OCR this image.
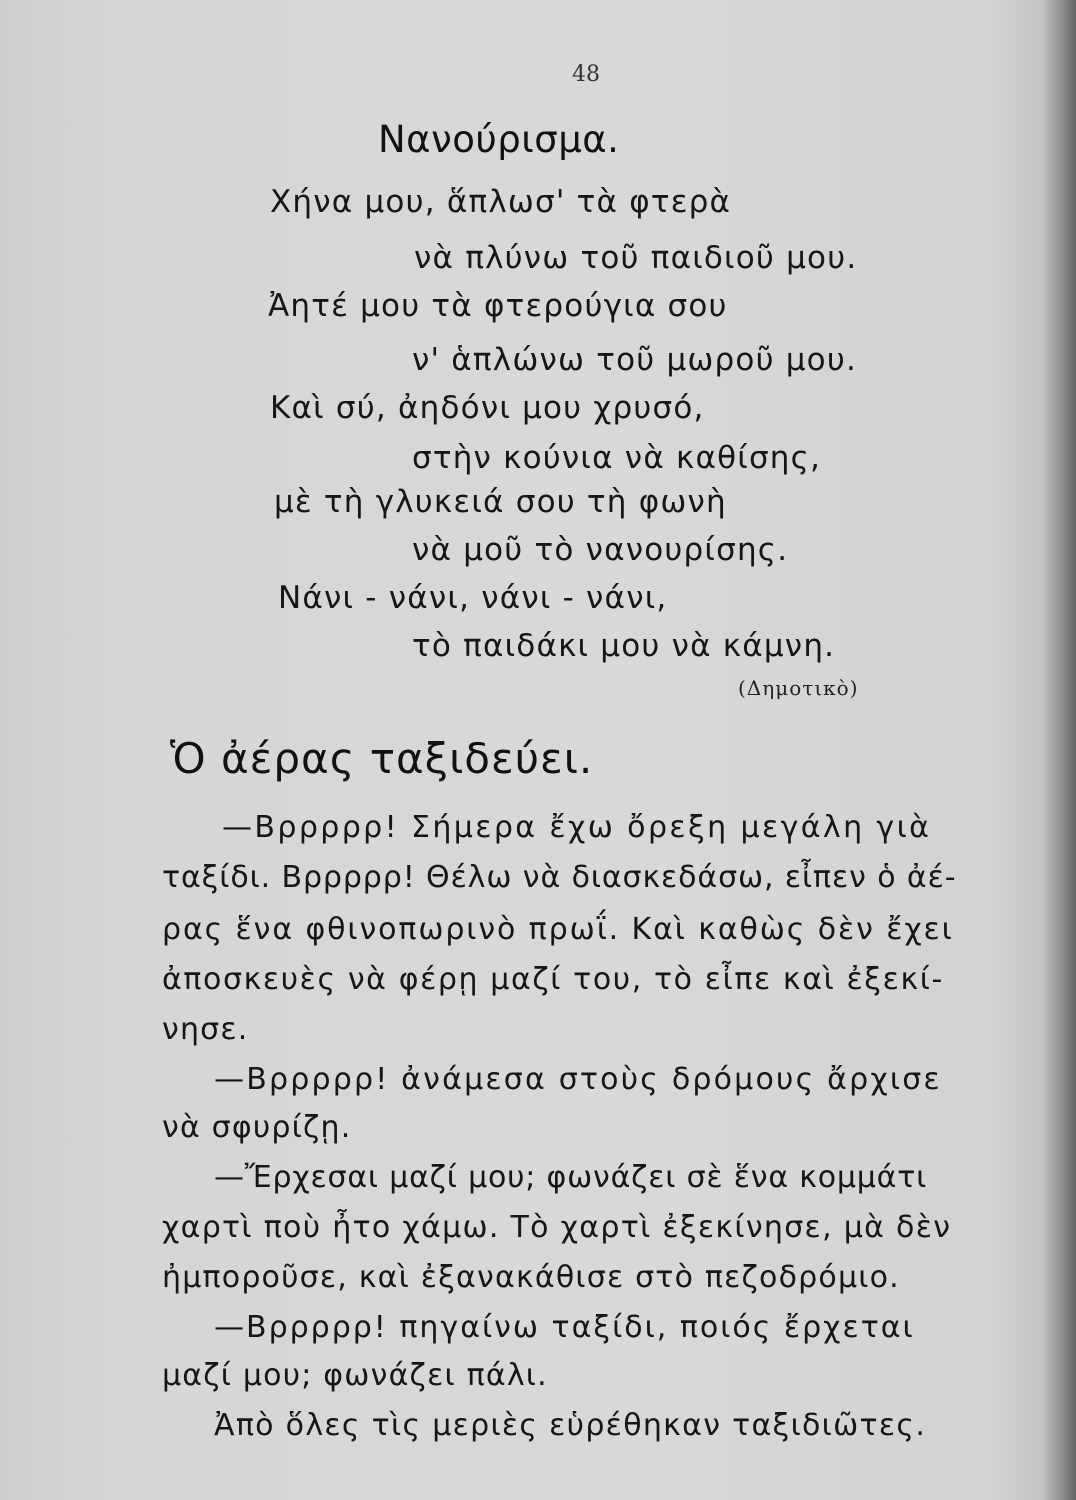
48
Νανούρισμα.
Χήνα μου, ἅπλωσ' τὰ φτερὰ
νὰ πλύνω τοῦ παιδιοῦ μου.
Ἀητέ μου τὰ φτερούγια σου
ν' ἁπλώνω τοῦ μωροῦ μου.
Καὶ σύ, ἀηδόνι μου χρυσό,
στὴν κούνια νὰ καθίσης,
μὲ τὴ γλυκειά σου τὴ φωνὴ
νὰ μοῦ τὸ νανουρίσης.
Νάνι - νάνι, νάνι - νάνι,
τὸ παιδάκι μου νὰ κάμνη.
(Δημοτικὸ)
Ὁ ἀέρας ταξιδεύει.
—Βρρρρρ! Σήμερα ἔχω ὄρεξη μεγάλη γιὰ
ταξίδι. Βρρρρρ! Θέλω νὰ διασκεδάσω, εἶπεν ὁ ἀέ-
ρας ἕνα φθινοπωρινὸ πρωΐ. Καὶ καθὼς δὲν ἔχει
ἀποσκευὲς νὰ φέρῃ μαζί του, τὸ εἶπε καὶ ἐξεκί-
νησε.
—Βρρρρρ! ἀνάμεσα στοὺς δρόμους ἄρχισε
νὰ σφυρίζῃ.
—Ἔρχεσαι μαζί μου; φωνάζει σὲ ἕνα κομμάτι
χαρτὶ ποὺ ἦτο χάμω. Τὸ χαρτὶ ἐξεκίνησε, μὰ δὲν
ἠμποροῦσε, καὶ ἐξανακάθισε στὸ πεζοδρόμιο.
—Βρρρρρ! πηγαίνω ταξίδι, ποιός ἔρχεται
μαζί μου; φωνάζει πάλι.
Ἀπὸ ὅλες τὶς μεριὲς εὑρέθηκαν ταξιδιῶτες.
